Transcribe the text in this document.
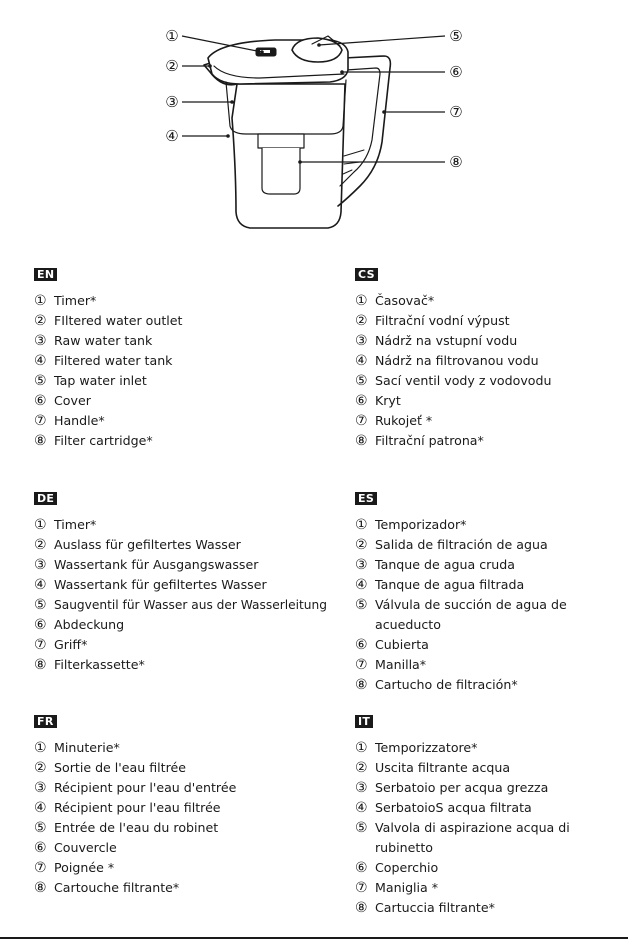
①
②
③
④
⑤
⑥
⑦
⑧
EN
① Timer*
② FIltered water outlet
③ Raw water tank
④ Filtered water tank
⑤ Tap water inlet
⑥ Cover
⑦ Handle*
⑧ Filter cartridge*
CS
① Časovač*
② Filtrační vodní výpust
③ Nádrž na vstupní vodu
④ Nádrž na filtrovanou vodu
⑤ Sací ventil vody z vodovodu
⑥ Kryt
⑦ Rukojeť *
⑧ Filtrační patrona*
DE
① Timer*
② Auslass für gefiltertes Wasser
③ Wassertank für Ausgangswasser
④ Wassertank für gefiltertes Wasser
⑤ Saugventil für Wasser aus der Wasserleitung
⑥ Abdeckung
⑦ Griff*
⑧ Filterkassette*
ES
① Temporizador*
② Salida de filtración de agua
③ Tanque de agua cruda
④ Tanque de agua filtrada
⑤ Válvula de succión de agua de acueducto
⑥ Cubierta
⑦ Manilla*
⑧ Cartucho de filtración*
FR
① Minuterie*
② Sortie de l'eau filtrée
③ Récipient pour l'eau d'entrée
④ Récipient pour l'eau filtrée
⑤ Entrée de l'eau du robinet
⑥ Couvercle
⑦ Poignée *
⑧ Cartouche filtrante*
IT
① Temporizzatore*
② Uscita filtrante acqua
③ Serbatoio per acqua grezza
④ SerbatoioS acqua filtrata
⑤ Valvola di aspirazione acqua di rubinetto
⑥ Coperchio
⑦ Maniglia *
⑧ Cartuccia filtrante*
